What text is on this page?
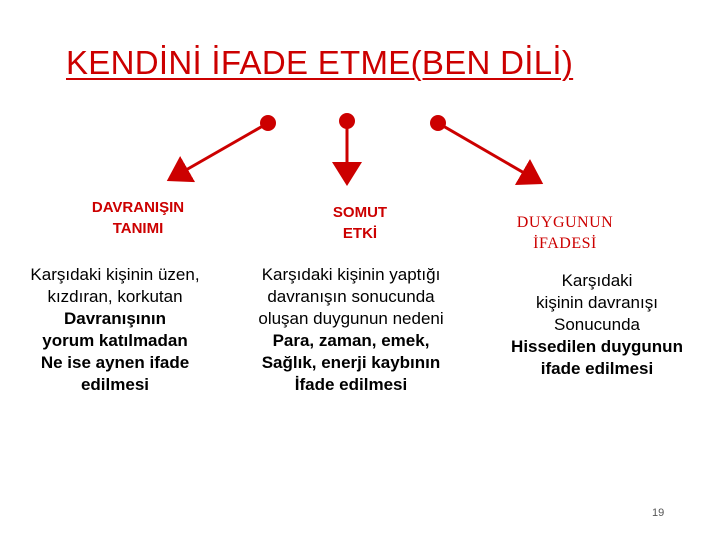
KENDİNİ İFADE ETME(BEN DİLİ)
DAVRANIŞIN
TANIMI
SOMUT
ETKİ
DUYGUNUN
İFADESİ
Karşıdaki kişinin üzen,
kızdıran, korkutan
Davranışının
yorum katılmadan
Ne ise aynen ifade
edilmesi
Karşıdaki kişinin yaptığı
davranışın sonucunda
oluşan duygunun nedeni
Para, zaman, emek,
Sağlık, enerji kaybının
İfade edilmesi
Karşıdaki
kişinin davranışı
Sonucunda
Hissedilen duygunun
ifade edilmesi
19
